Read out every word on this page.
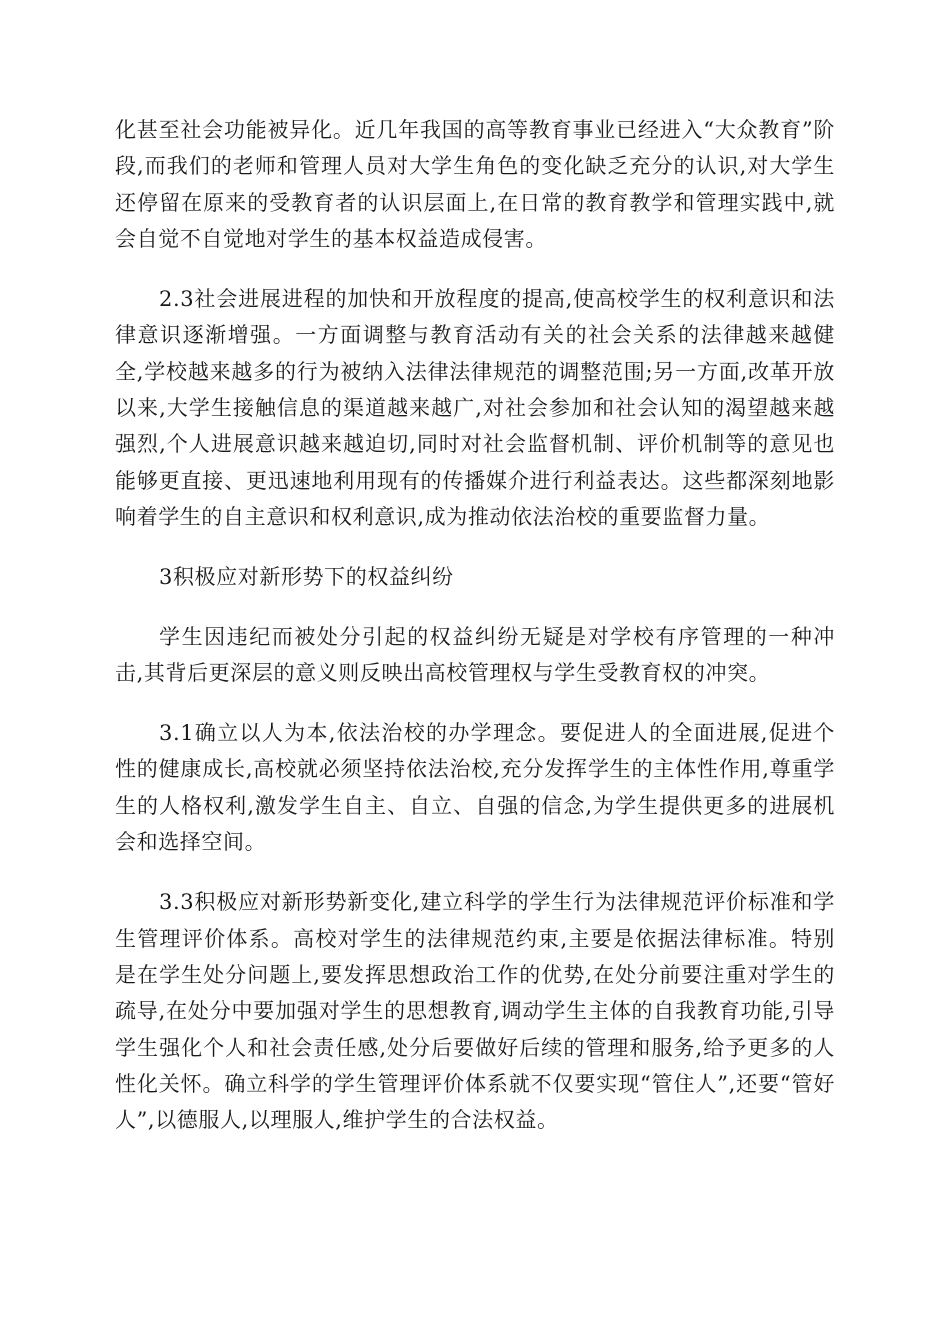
化甚至社会功能被异化。近几年我国的高等教育事业已经进入“大众教育”阶段,而我们的老师和管理人员对大学生角色的变化缺乏充分的认识,对大学生还停留在原来的受教育者的认识层面上,在日常的教育教学和管理实践中,就会自觉不自觉地对学生的基本权益造成侵害。

2.3社会进展进程的加快和开放程度的提高,使高校学生的权利意识和法律意识逐渐增强。一方面调整与教育活动有关的社会关系的法律越来越健全,学校越来越多的行为被纳入法律法律规范的调整范围;另一方面,改革开放以来,大学生接触信息的渠道越来越广,对社会参加和社会认知的渴望越来越强烈,个人进展意识越来越迫切,同时对社会监督机制、评价机制等的意见也能够更直接、更迅速地利用现有的传播媒介进行利益表达。这些都深刻地影响着学生的自主意识和权利意识,成为推动依法治校的重要监督力量。

3积极应对新形势下的权益纠纷

学生因违纪而被处分引起的权益纠纷无疑是对学校有序管理的一种冲击,其背后更深层的意义则反映出高校管理权与学生受教育权的冲突。

3.1确立以人为本,依法治校的办学理念。要促进人的全面进展,促进个性的健康成长,高校就必须坚持依法治校,充分发挥学生的主体性作用,尊重学生的人格权利,激发学生自主、自立、自强的信念,为学生提供更多的进展机会和选择空间。

3.3积极应对新形势新变化,建立科学的学生行为法律规范评价标准和学生管理评价体系。高校对学生的法律规范约束,主要是依据法律标准。特别是在学生处分问题上,要发挥思想政治工作的优势,在处分前要注重对学生的疏导,在处分中要加强对学生的思想教育,调动学生主体的自我教育功能,引导学生强化个人和社会责任感,处分后要做好后续的管理和服务,给予更多的人性化关怀。确立科学的学生管理评价体系就不仅要实现“管住人”,还要“管好人”,以德服人,以理服人,维护学生的合法权益。
